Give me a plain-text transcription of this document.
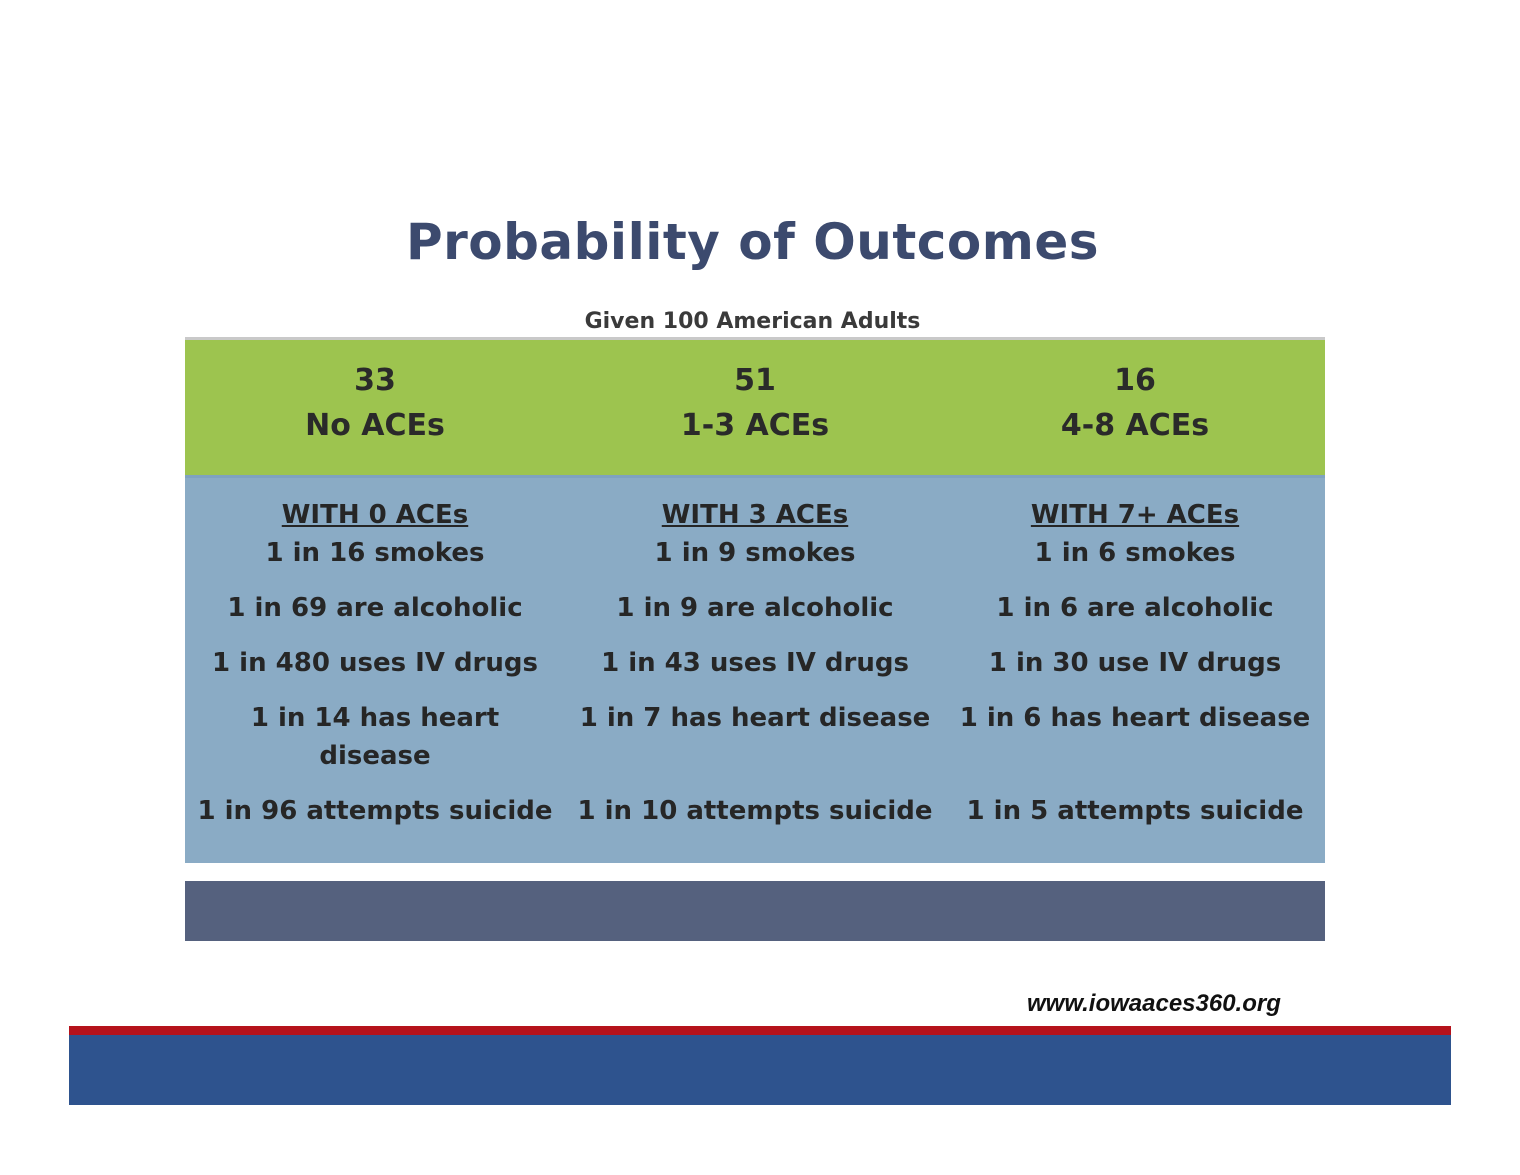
Probability of Outcomes
Given 100 American Adults
33
No ACEs
51
1-3 ACEs
16
4-8 ACEs
WITH 0 ACEs
1 in 16 smokes
1 in 69 are alcoholic
1 in 480 uses IV drugs
1 in 14 has heart
disease
1 in 96 attempts suicide
WITH 3 ACEs
1 in 9 smokes
1 in 9 are alcoholic
1 in 43 uses IV drugs
1 in 7 has heart disease
1 in 10 attempts suicide
WITH 7+ ACEs
1 in 6 smokes
1 in 6 are alcoholic
1 in 30 use IV drugs
1 in 6 has heart disease
1 in 5 attempts suicide
www.iowaaces360.org
